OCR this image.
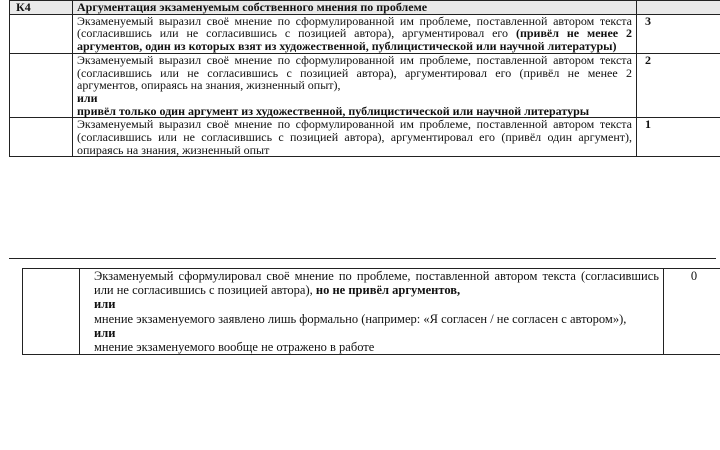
К4	Аргументация экзаменуемым собственного мнения по проблеме	
	Экзаменуемый выразил своё мнение по сформулированной им проблеме, поставленной автором текста (согласившись или не согласившись с позицией автора), аргументировал его (привёл не менее 2 аргументов, один из которых взят из художественной, публицистической или научной литературы)	3
	Экзаменуемый выразил своё мнение по сформулированной им проблеме, поставленной автором текста (согласившись или не согласившись с позицией автора), аргументировал его (привёл не менее 2 аргументов, опираясь на знания, жизненный опыт),
или
привёл только один аргумент из художественной, публицистической или научной литературы	2
	Экзаменуемый выразил своё мнение по сформулированной им проблеме, поставленной автором текста (согласившись или не согласившись с позицией автора), аргументировал его (привёл один аргумент), опираясь на знания, жизненный опыт	1
	Экзаменуемый сформулировал своё мнение по проблеме, поставленной автором текста (согласившись или не согласившись с позицией автора), но не привёл аргументов,
или
мнение экзаменуемого заявлено лишь формально (например: «Я согласен / не согласен с автором»),
или
мнение экзаменуемого вообще не отражено в работе	0
